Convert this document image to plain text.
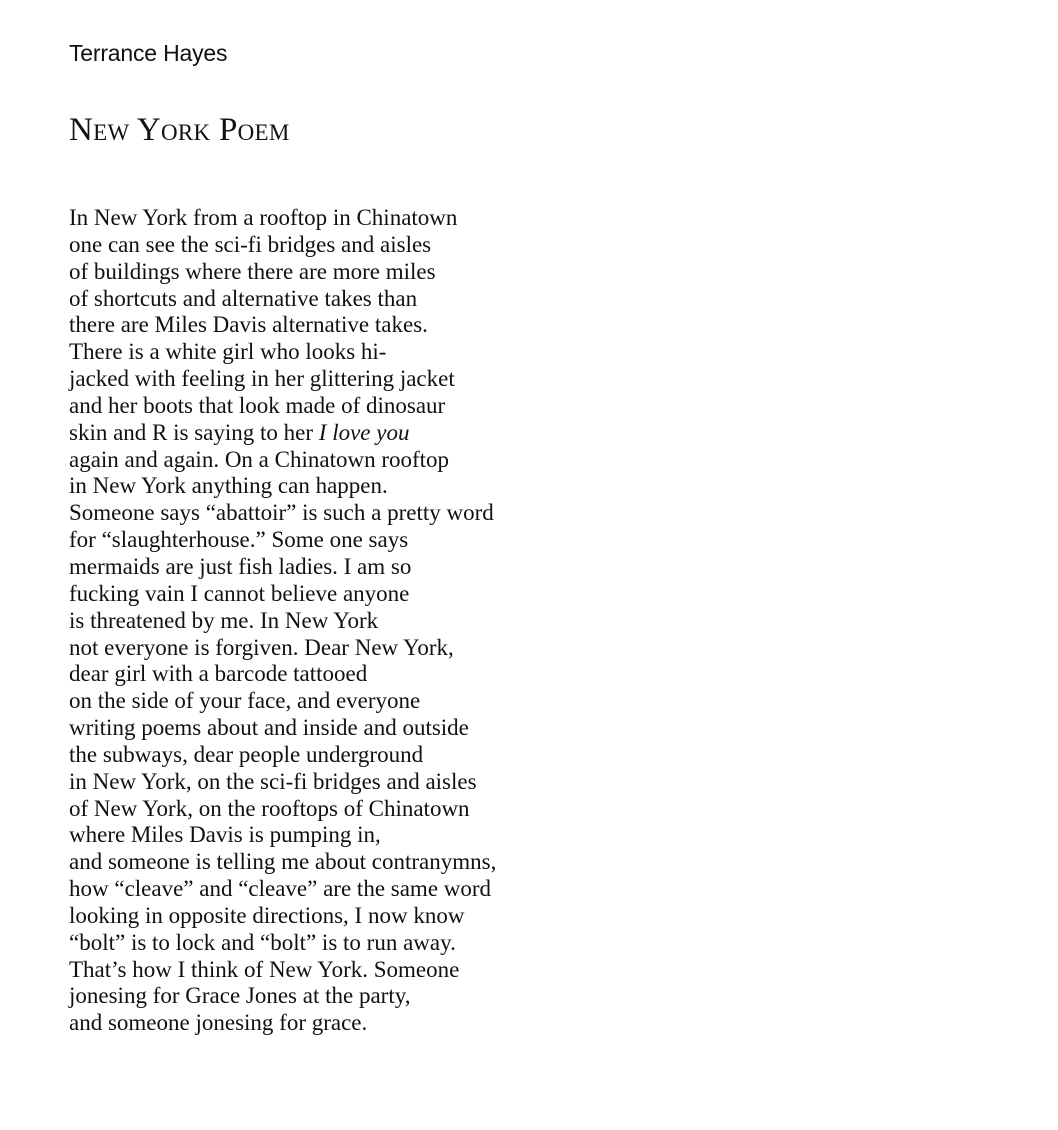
Terrance Hayes

New York Poem
In New York from a rooftop in Chinatown
one can see the sci-fi bridges and aisles
of buildings where there are more miles
of shortcuts and alternative takes than
there are Miles Davis alternative takes.
There is a white girl who looks hi-
jacked with feeling in her glittering jacket
and her boots that look made of dinosaur
skin and R is saying to her I love you
again and again. On a Chinatown rooftop
in New York anything can happen.
Someone says “abattoir” is such a pretty word
for “slaughterhouse.” Some one says
mermaids are just fish ladies. I am so
fucking vain I cannot believe anyone
is threatened by me. In New York
not everyone is forgiven. Dear New York,
dear girl with a barcode tattooed
on the side of your face, and everyone
writing poems about and inside and outside
the subways, dear people underground
in New York, on the sci-fi bridges and aisles
of New York, on the rooftops of Chinatown
where Miles Davis is pumping in,
and someone is telling me about contranymns,
how “cleave” and “cleave” are the same word
looking in opposite directions, I now know
“bolt” is to lock and “bolt” is to run away.
That’s how I think of New York. Someone
jonesing for Grace Jones at the party,
and someone jonesing for grace.
